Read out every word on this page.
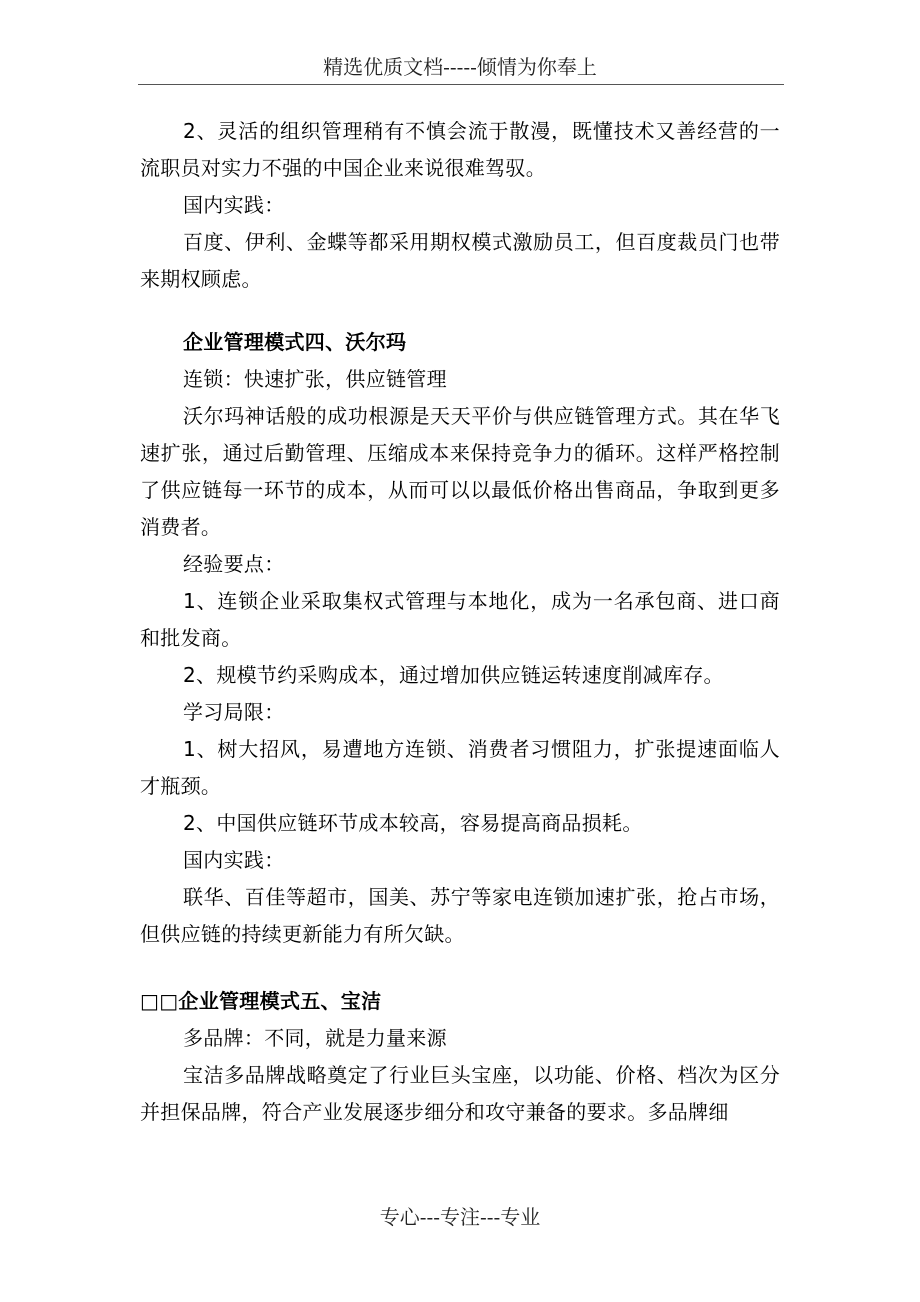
精选优质文档-----倾情为你奉上

2、灵活的组织管理稍有不慎会流于散漫，既懂技术又善经营的一流职员对实力不强的中国企业来说很难驾驭。

国内实践：

百度、伊利、金蝶等都采用期权模式激励员工，但百度裁员门也带来期权顾虑。

企业管理模式四、沃尔玛

连锁：快速扩张，供应链管理

沃尔玛神话般的成功根源是天天平价与供应链管理方式。其在华飞速扩张，通过后勤管理、压缩成本来保持竞争力的循环。这样严格控制了供应链每一环节的成本，从而可以以最低价格出售商品，争取到更多消费者。

经验要点：

1、连锁企业采取集权式管理与本地化，成为一名承包商、进口商和批发商。

2、规模节约采购成本，通过增加供应链运转速度削减库存。

学习局限：

1、树大招风，易遭地方连锁、消费者习惯阻力，扩张提速面临人才瓶颈。

2、中国供应链环节成本较高，容易提高商品损耗。

国内实践：

联华、百佳等超市，国美、苏宁等家电连锁加速扩张，抢占市场，但供应链的持续更新能力有所欠缺。

□□企业管理模式五、宝洁

多品牌：不同，就是力量来源

宝洁多品牌战略奠定了行业巨头宝座，以功能、价格、档次为区分并担保品牌，符合产业发展逐步细分和攻守兼备的要求。多品牌细

专心---专注---专业
